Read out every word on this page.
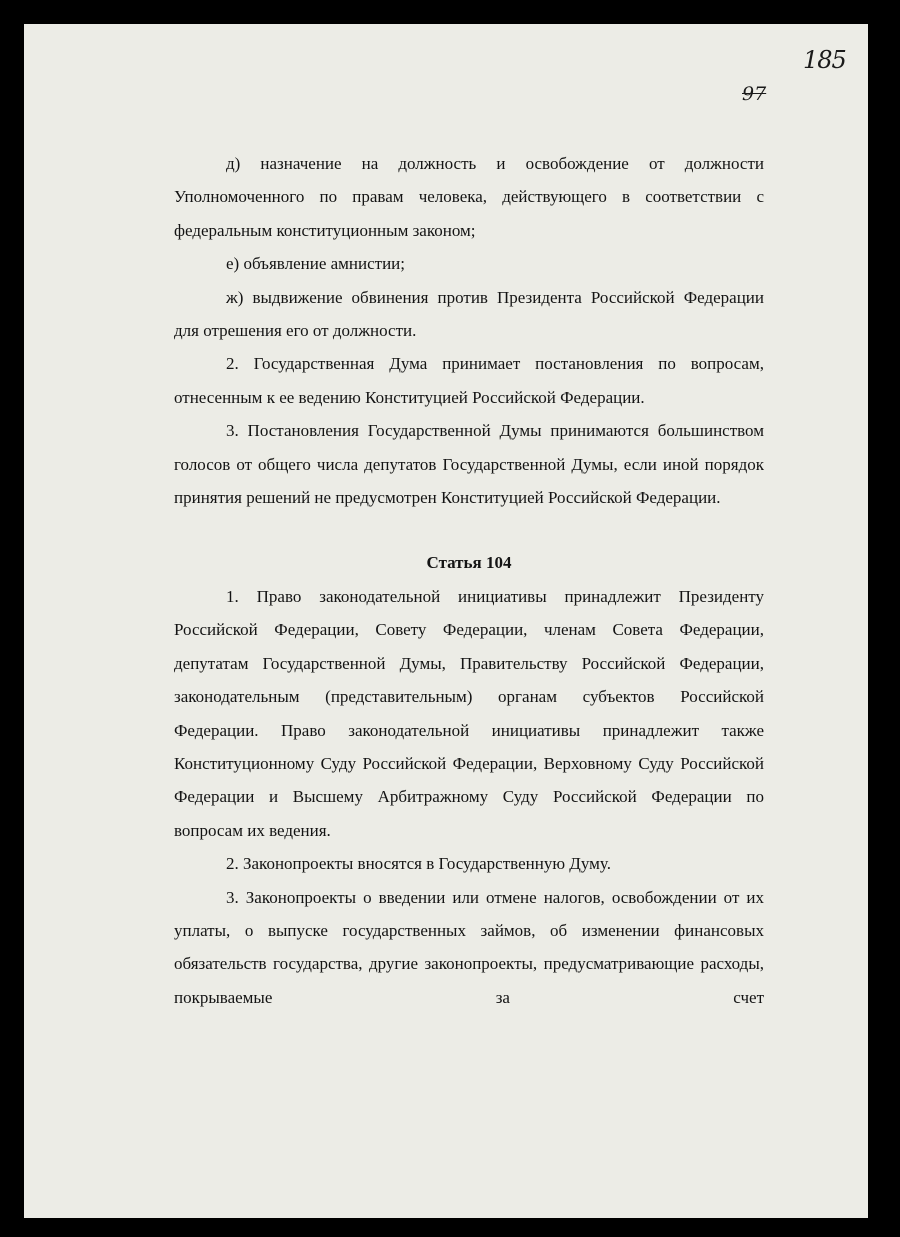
185
97

д) назначение на должность и освобождение от должности Уполномоченного по правам человека, действующего в соответствии с федеральным конституционным законом;

е) объявление амнистии;

ж) выдвижение обвинения против Президента Российской Федерации для отрешения его от должности.

2. Государственная Дума принимает постановления по вопросам, отнесенным к ее ведению Конституцией Российской Федерации.

3. Постановления Государственной Думы принимаются большинством голосов от общего числа депутатов Государственной Думы, если иной порядок принятия решений не предусмотрен Конституцией Российской Федерации.

Статья 104

1. Право законодательной инициативы принадлежит Президенту Российской Федерации, Совету Федерации, членам Совета Федерации, депутатам Государственной Думы, Правительству Российской Федерации, законодательным (представительным) органам субъектов Российской Федерации. Право законодательной инициативы принадлежит также Конституционному Суду Российской Федерации, Верховному Суду Российской Федерации и Высшему Арбитражному Суду Российской Федерации по вопросам их ведения.

2. Законопроекты вносятся в Государственную Думу.

3. Законопроекты о введении или отмене налогов, освобождении от их уплаты, о выпуске государственных займов, об изменении финансовых обязательств государства, другие законопроекты, предусматривающие расходы, покрываемые за счет
